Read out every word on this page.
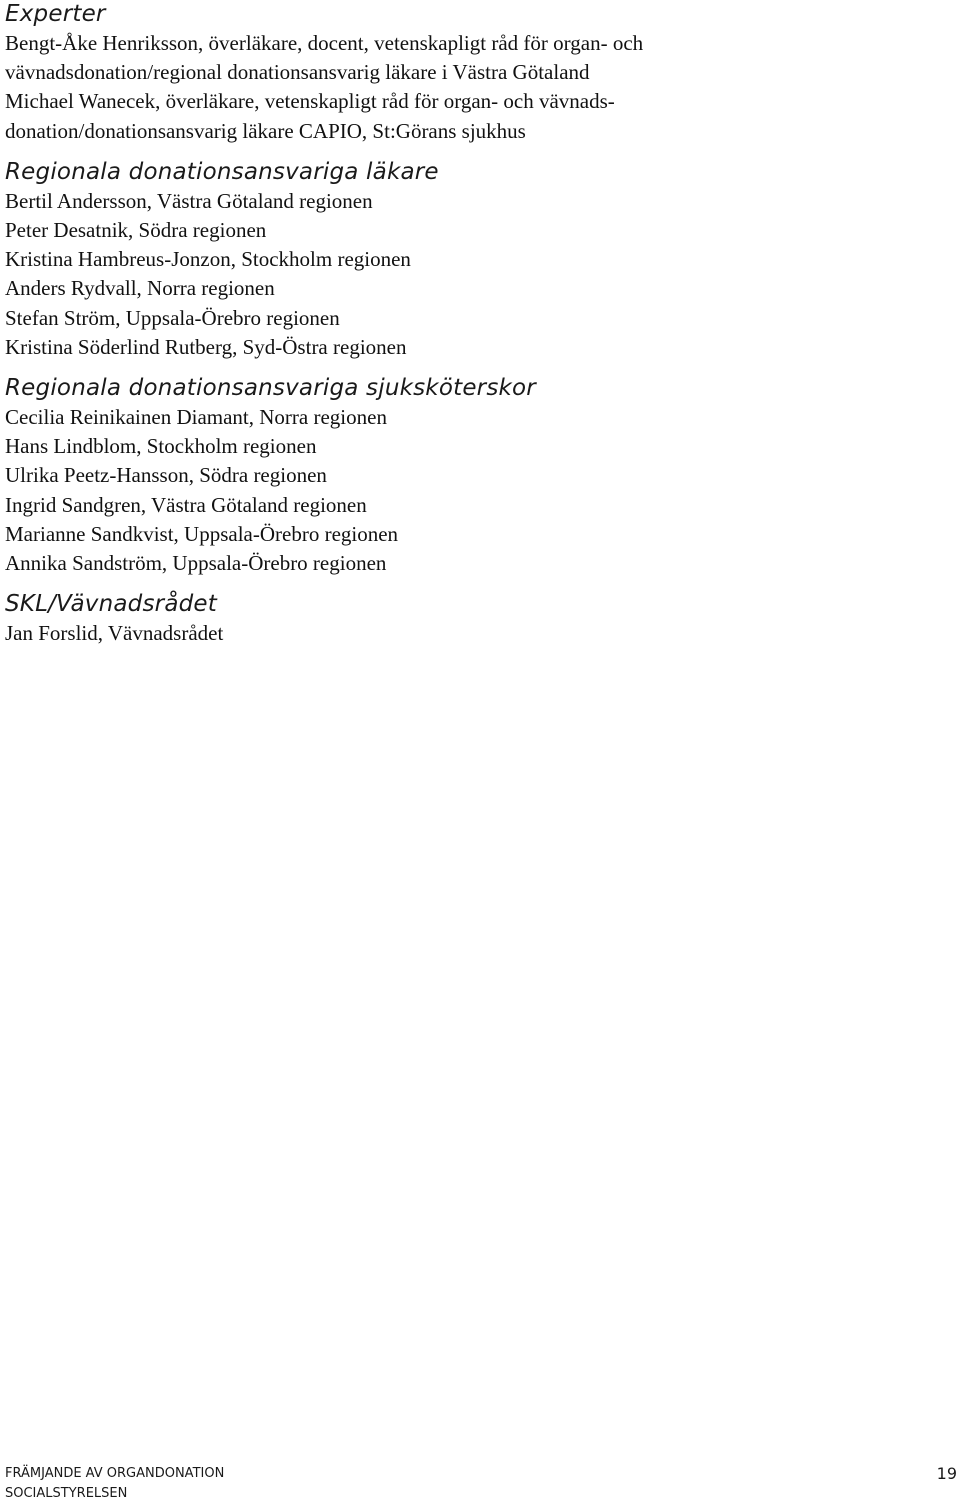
Experter

Bengt-Åke Henriksson, överläkare, docent, vetenskapligt råd för organ- och

vävnadsdonation/regional donationsansvarig läkare i Västra Götaland

Michael Wanecek, överläkare, vetenskapligt råd för organ- och vävnads-

donation/donationsansvarig läkare CAPIO, St:Görans sjukhus

Regionala donationsansvariga läkare

Bertil Andersson, Västra Götaland regionen

Peter Desatnik, Södra regionen

Kristina Hambreus-Jonzon, Stockholm regionen

Anders Rydvall, Norra regionen

Stefan Ström, Uppsala-Örebro regionen

Kristina Söderlind Rutberg, Syd-Östra regionen

Regionala donationsansvariga sjuksköterskor

Cecilia Reinikainen Diamant, Norra regionen

Hans Lindblom, Stockholm regionen

Ulrika Peetz-Hansson, Södra regionen

Ingrid Sandgren, Västra Götaland regionen

Marianne Sandkvist, Uppsala-Örebro regionen

Annika Sandström, Uppsala-Örebro regionen

SKL/Vävnadsrådet

Jan Forslid, Vävnadsrådet

FRÄMJANDE AV ORGANDONATION
SOCIALSTYRELSEN
19
